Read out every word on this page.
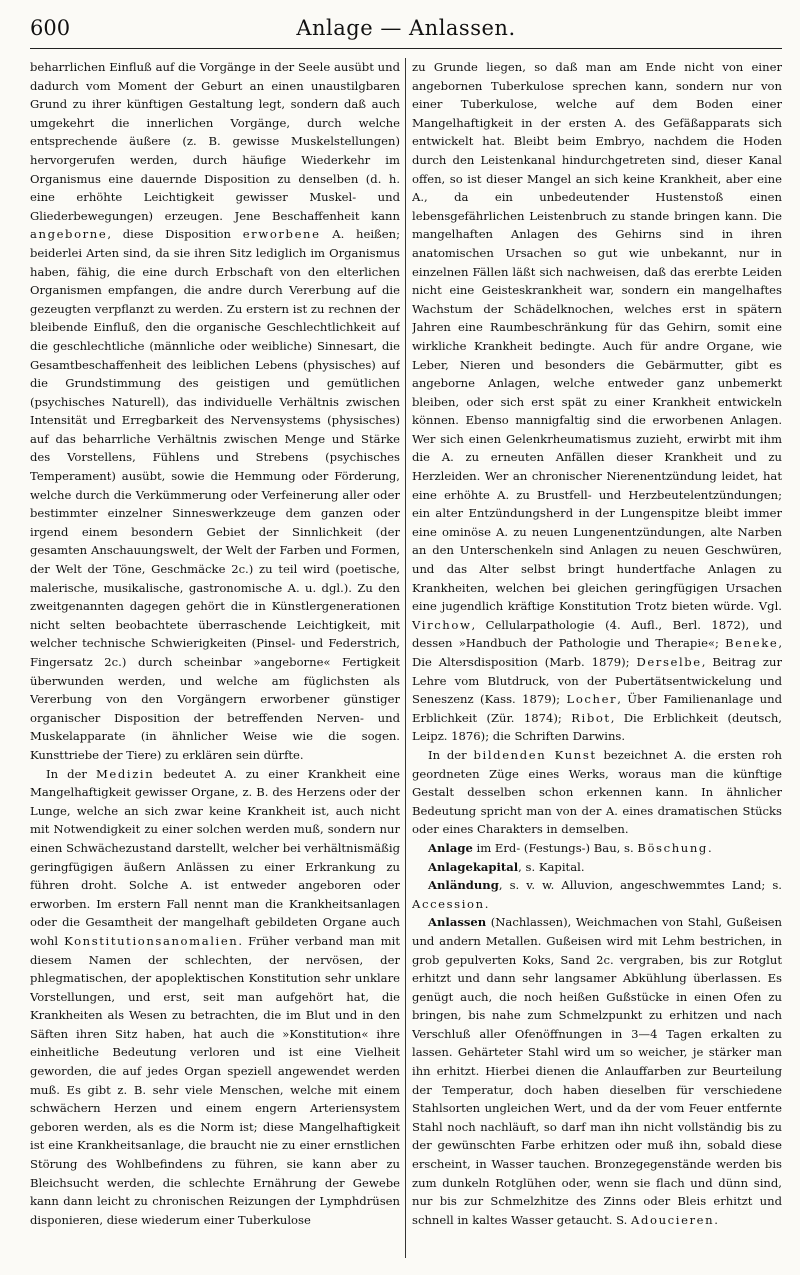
600	Anlage — Anlassen.

beharrlichen Einfluß auf die Vorgänge in der Seele ausübt und dadurch vom Moment der Geburt an einen unaustilgbaren Grund zu ihrer künftigen Gestaltung legt, sondern daß auch umgekehrt die innerlichen Vorgänge, durch welche entsprechende äußere (z. B. gewisse Muskelstellungen) hervorgerufen werden, durch häufige Wiederkehr im Organismus eine dauernde Disposition zu denselben (d. h. eine erhöhte Leichtigkeit gewisser Muskel- und Gliederbewegungen) erzeugen. Jene Beschaffenheit kann angeborne, diese Disposition erworbene A. heißen; beiderlei Arten sind, da sie ihren Sitz lediglich im Organismus haben, fähig, die eine durch Erbschaft von den elterlichen Organismen empfangen, die andre durch Vererbung auf die gezeugten verpflanzt zu werden. Zu erstern ist zu rechnen der bleibende Einfluß, den die organische Geschlechtlichkeit auf die geschlechtliche (männliche oder weibliche) Sinnesart, die Gesamtbeschaffenheit des leiblichen Lebens (physisches) auf die Grundstimmung des geistigen und gemütlichen (psychisches Naturell), das individuelle Verhältnis zwischen Intensität und Erregbarkeit des Nervensystems (physisches) auf das beharrliche Verhältnis zwischen Menge und Stärke des Vorstellens, Fühlens und Strebens (psychisches Temperament) ausübt, sowie die Hemmung oder Förderung, welche durch die Verkümmerung oder Verfeinerung aller oder bestimmter einzelner Sinneswerkzeuge dem ganzen oder irgend einem besondern Gebiet der Sinnlichkeit (der gesamten Anschauungswelt, der Welt der Farben und Formen, der Welt der Töne, Geschmäcke 2c.) zu teil wird (poetische, malerische, musikalische, gastronomische A. u. dgl.). Zu den zweitgenannten dagegen gehört die in Künstlergenerationen nicht selten beobachtete überraschende Leichtigkeit, mit welcher technische Schwierigkeiten (Pinsel- und Federstrich, Fingersatz 2c.) durch scheinbar »angeborne« Fertigkeit überwunden werden, und welche am füglichsten als Vererbung von den Vorgängern erworbener günstiger organischer Disposition der betreffenden Nerven- und Muskelapparate (in ähnlicher Weise wie die sogen. Kunsttriebe der Tiere) zu erklären sein dürfte.

In der Medizin bedeutet A. zu einer Krankheit eine Mangelhaftigkeit gewisser Organe, z. B. des Herzens oder der Lunge, welche an sich zwar keine Krankheit ist, auch nicht mit Notwendigkeit zu einer solchen werden muß, sondern nur einen Schwächezustand darstellt, welcher bei verhältnismäßig geringfügigen äußern Anlässen zu einer Erkrankung zu führen droht. Solche A. ist entweder angeboren oder erworben. Im erstern Fall nennt man die Krankheitsanlagen oder die Gesamtheit der mangelhaft gebildeten Organe auch wohl Konstitutionsanomalien. Früher verband man mit diesem Namen der schlechten, der nervösen, der phlegmatischen, der apoplektischen Konstitution sehr unklare Vorstellungen, und erst, seit man aufgehört hat, die Krankheiten als Wesen zu betrachten, die im Blut und in den Säften ihren Sitz haben, hat auch die »Konstitution« ihre einheitliche Bedeutung verloren und ist eine Vielheit geworden, die auf jedes Organ speziell angewendet werden muß. Es gibt z. B. sehr viele Menschen, welche mit einem schwächern Herzen und einem engern Arteriensystem geboren werden, als es die Norm ist; diese Mangelhaftigkeit ist eine Krankheitsanlage, die braucht nie zu einer ernstlichen Störung des Wohlbefindens zu führen, sie kann aber zu Bleichsucht werden, die schlechte Ernährung der Gewebe kann dann leicht zu chronischen Reizungen der Lymphdrüsen disponieren, diese wiederum einer Tuberkulose

zu Grunde liegen, so daß man am Ende nicht von einer angebornen Tuberkulose sprechen kann, sondern nur von einer Tuberkulose, welche auf dem Boden einer Mangelhaftigkeit in der ersten A. des Gefäßapparats sich entwickelt hat. Bleibt beim Embryo, nachdem die Hoden durch den Leistenkanal hindurchgetreten sind, dieser Kanal offen, so ist dieser Mangel an sich keine Krankheit, aber eine A., da ein unbedeutender Hustenstoß einen lebensgefährlichen Leistenbruch zu stande bringen kann. Die mangelhaften Anlagen des Gehirns sind in ihren anatomischen Ursachen so gut wie unbekannt, nur in einzelnen Fällen läßt sich nachweisen, daß das ererbte Leiden nicht eine Geisteskrankheit war, sondern ein mangelhaftes Wachstum der Schädelknochen, welches erst in spätern Jahren eine Raumbeschränkung für das Gehirn, somit eine wirkliche Krankheit bedingte. Auch für andre Organe, wie Leber, Nieren und besonders die Gebärmutter, gibt es angeborne Anlagen, welche entweder ganz unbemerkt bleiben, oder sich erst spät zu einer Krankheit entwickeln können. Ebenso mannigfaltig sind die erworbenen Anlagen. Wer sich einen Gelenkrheumatismus zuzieht, erwirbt mit ihm die A. zu erneuten Anfällen dieser Krankheit und zu Herzleiden. Wer an chronischer Nierenentzündung leidet, hat eine erhöhte A. zu Brustfell- und Herzbeutelentzündungen; ein alter Entzündungsherd in der Lungenspitze bleibt immer eine ominöse A. zu neuen Lungenentzündungen, alte Narben an den Unterschenkeln sind Anlagen zu neuen Geschwüren, und das Alter selbst bringt hundertfache Anlagen zu Krankheiten, welchen bei gleichen geringfügigen Ursachen eine jugendlich kräftige Konstitution Trotz bieten würde. Vgl. Virchow, Cellularpathologie (4. Aufl., Berl. 1872), und dessen »Handbuch der Pathologie und Therapie«; Beneke, Die Altersdisposition (Marb. 1879); Derselbe, Beitrag zur Lehre vom Blutdruck, von der Pubertätsentwickelung und Seneszenz (Kass. 1879); Locher, Über Familienanlage und Erblichkeit (Zür. 1874); Ribot, Die Erblichkeit (deutsch, Leipz. 1876); die Schriften Darwins.

In der bildenden Kunst bezeichnet A. die ersten roh geordneten Züge eines Werks, woraus man die künftige Gestalt desselben schon erkennen kann. In ähnlicher Bedeutung spricht man von der A. eines dramatischen Stücks oder eines Charakters in demselben.

Anlage im Erd- (Festungs-) Bau, s. Böschung.

Anlagekapital, s. Kapital.

Anländung, s. v. w. Alluvion, angeschwemmtes Land; s. Accession.

Anlassen (Nachlassen), Weichmachen von Stahl, Gußeisen und andern Metallen. Gußeisen wird mit Lehm bestrichen, in grob gepulverten Koks, Sand 2c. vergraben, bis zur Rotglut erhitzt und dann sehr langsamer Abkühlung überlassen. Es genügt auch, die noch heißen Gußstücke in einen Ofen zu bringen, bis nahe zum Schmelzpunkt zu erhitzen und nach Verschluß aller Ofenöffnungen in 3—4 Tagen erkalten zu lassen. Gehärteter Stahl wird um so weicher, je stärker man ihn erhitzt. Hierbei dienen die Anlauffarben zur Beurteilung der Temperatur, doch haben dieselben für verschiedene Stahlsorten ungleichen Wert, und da der vom Feuer entfernte Stahl noch nachläuft, so darf man ihn nicht vollständig bis zu der gewünschten Farbe erhitzen oder muß ihn, sobald diese erscheint, in Wasser tauchen. Bronzegegenstände werden bis zum dunkeln Rotglühen oder, wenn sie flach und dünn sind, nur bis zur Schmelzhitze des Zinns oder Bleis erhitzt und schnell in kaltes Wasser getaucht. S. Adoucieren.
